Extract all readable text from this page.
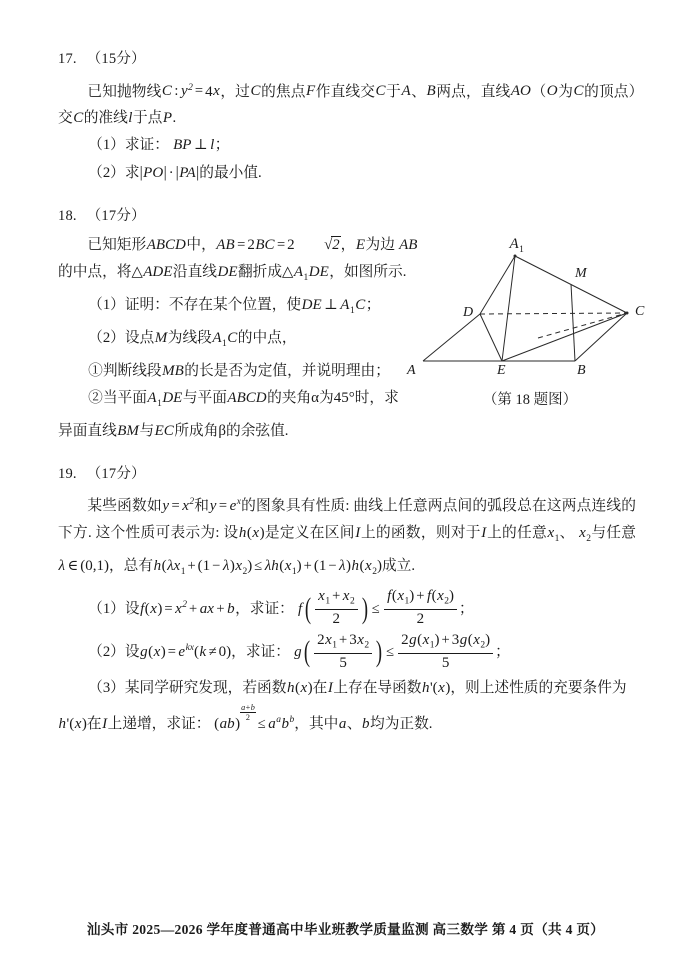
17. （15分）

已知抛物线C : $y^2 = 4x$，过C的焦点F作直线交C于A、B两点，直线AO（O为C的顶点）交C的准线l于点P.

（1）求证： BP ⊥ l；

（2）求|PO| · |PA|的最小值.

18. （17分）

已知矩形ABCD中，AB = 2BC = 2 √2，E为边 AB的中点，将△ADE沿直线DE翻折成$\triangle A_1DE$，如图所示.

（1）证明：不存在某个位置，使DE ⊥ $A_1C$；

（2）设点M为线段$A_1C$的中点，

①判断线段MB的长是否为定值，并说明理由；

②当平面$A_1DE$与平面ABCD的夹角α为45°时，求

异面直线BM与EC所成角β的余弦值.

19. （17分）

某些函数如$y = x^2$和$y = e^x$的图象具有性质: 曲线上任意两点间的弧段总在这两点连线的下方. 这个性质可表示为: 设h(x)是定义在区间I上的函数，则对于I上的任意$x_1$、 $x_2$与任意λ ∈ (0,1)，总有$h(\lambda x_1 + (1 - \lambda)x_2) \le \lambda h(x_1) + (1 - \lambda)h(x_2)$成立.

（1）设$f(x) = x^2$ + ax + b，求证： $f( \frac{x_1 + x_2}{2}$ ) ≤ $\frac{f(x_1) + f(x_2)}{2}$ ；

（2）设$g(x) = e^{kx}(k \ne 0)$，求证： $g( \frac{2x_1 + 3x_2}{5}$ ) ≤ $\frac{2g(x_1) + 3g(x_2)}{5}$ ；

（3）某同学研究发现，若函数h(x)在I上存在导函数h'(x)，则上述性质的充要条件为

h'(x)在I上递增，求证： (ab)
$\frac{a+b}{2}$
≤ $a^ab^b$，其中a、b均为正数.

A	E	B
C
D
$A_1$
M
（第 18 题图）
汕头市 2025—2026 学年度普通高中毕业班教学质量监测 高三数学 第 4 页（共 4 页）
